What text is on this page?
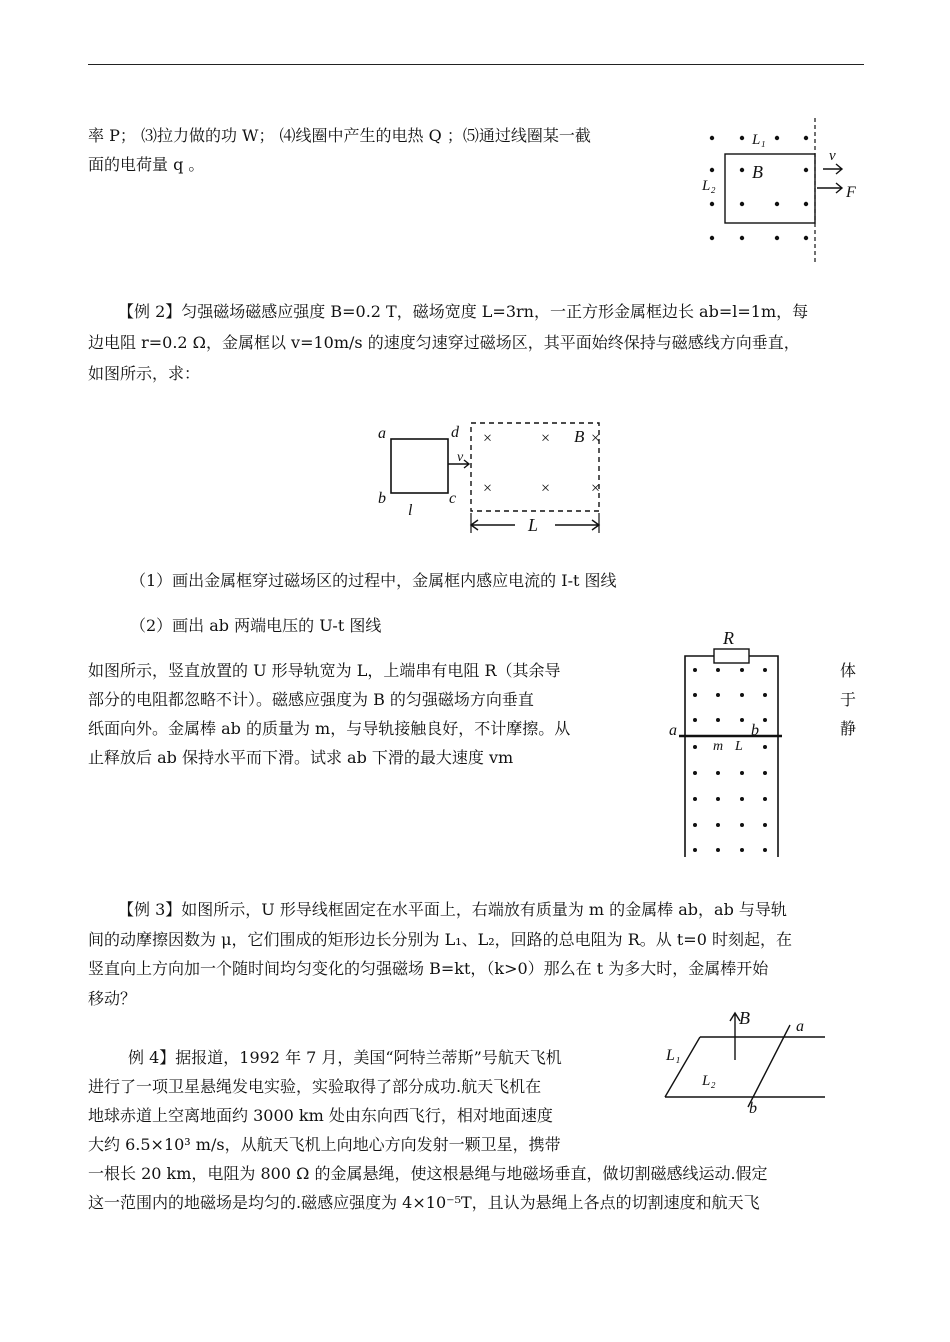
率 P； ⑶拉力做的功 W； ⑷线圈中产生的电热 Q ；⑸通过线圈某一截
面的电荷量 q 。
L₁
B
L₂
v
F
【例 2】匀强磁场磁感应强度 B=0.2 T，磁场宽度 L=3rn，一正方形金属框边长 ab=l=1m，每
边电阻 r=0.2 Ω，金属框以 v=10m/s 的速度匀速穿过磁场区，其平面始终保持与磁感线方向垂直，
如图所示，求：
a
b	c
d
l
v
×	×	×
×	×	×
B
L
（1）画出金属框穿过磁场区的过程中，金属框内感应电流的 I-t 图线
（2）画出 ab 两端电压的 U-t 图线
如图所示，竖直放置的 U 形导轨宽为 L，上端串有电阻 R（其余导
部分的电阻都忽略不计）。磁感应强度为 B 的匀强磁场方向垂直
纸面向外。金属棒 ab 的质量为 m，与导轨接触良好，不计摩擦。从
止释放后 ab 保持水平而下滑。试求 ab 下滑的最大速度 vm
体
于
静
R
a	b
m L
【例 3】如图所示，U 形导线框固定在水平面上，右端放有质量为 m 的金属棒 ab，ab 与导轨
间的动摩擦因数为 μ，它们围成的矩形边长分别为 L₁、L₂，回路的总电阻为 R。从 t=0 时刻起，在
竖直向上方向加一个随时间均匀变化的匀强磁场 B=kt，（k>0）那么在 t 为多大时，金属棒开始
移动？
B	a
b
L₁
L₂
例 4】据报道，1992 年 7 月，美国“阿特兰蒂斯”号航天飞机
进行了一项卫星悬绳发电实验，实验取得了部分成功.航天飞机在
地球赤道上空离地面约 3000 km 处由东向西飞行，相对地面速度
大约 6.5×10³ m/s，从航天飞机上向地心方向发射一颗卫星，携带
一根长 20 km，电阻为 800 Ω 的金属悬绳，使这根悬绳与地磁场垂直，做切割磁感线运动.假定
这一范围内的地磁场是均匀的.磁感应强度为 4×10⁻⁵T，且认为悬绳上各点的切割速度和航天飞
